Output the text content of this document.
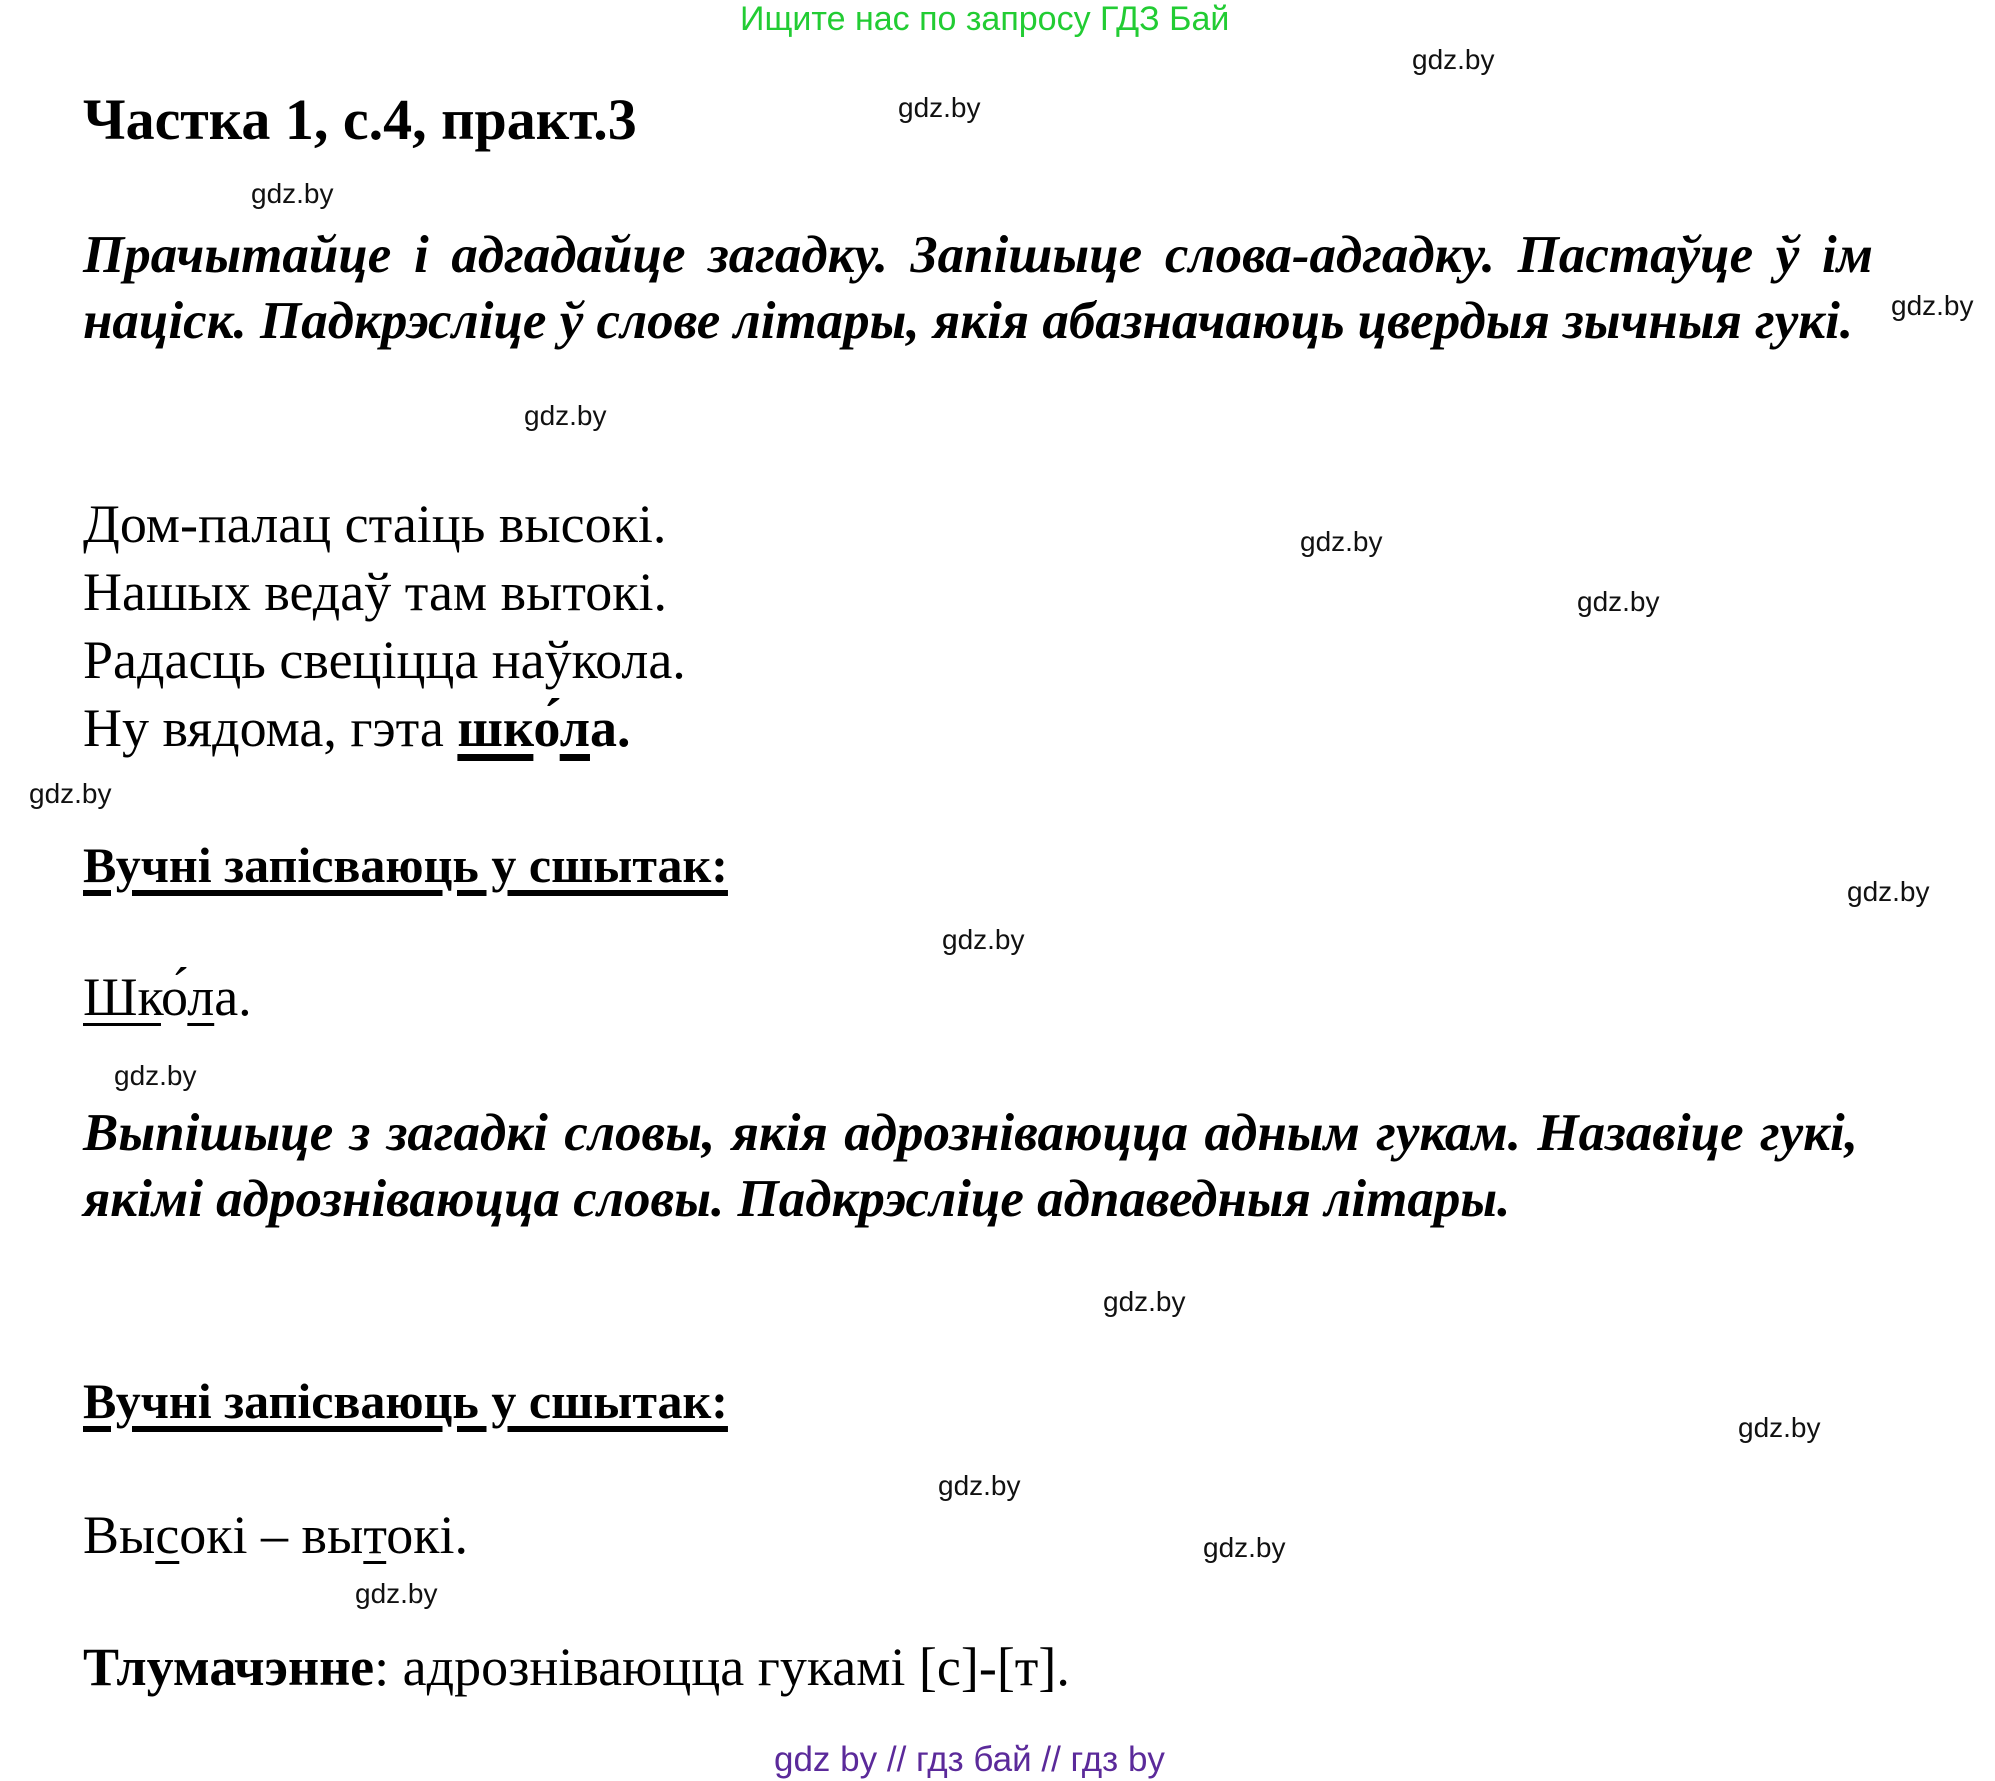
Ищите нас по запросу ГДЗ Бай
gdz.by
gdz.by
gdz.by
gdz.by
gdz.by
gdz.by
gdz.by
gdz.by
gdz.by
gdz.by
gdz.by
gdz.by
gdz.by
gdz.by
gdz.by
gdz.by
Частка 1, с.4, практ.3
Прачытайце і адгадайце загадку. Запішыце слова-адгадку. Пастаўце ў ім націск. Падкрэсліце ў слове літары, якія абазначаюць цвердыя зычныя гукі.
Дом-палац стаіць высокі.
Нашых ведаў там вытокі.
Радасць свеціцца наўкола.
Ну вядома, гэта шко ́ла.
Вучні запісваюць у сшытак:
Шко ́ла.
Выпішыце з загадкі словы, якія адрозніваюцца адным гукам. Назавіце гукі, якімі адрозніваюцца словы. Падкрэсліце адпаведныя літары.
Вучні запісваюць у сшытак:
Высокі – вытокі.
Тлумачэнне: адрозніваюцца гукамі [с]-[т].
gdz by // гдз бай // гдз by
